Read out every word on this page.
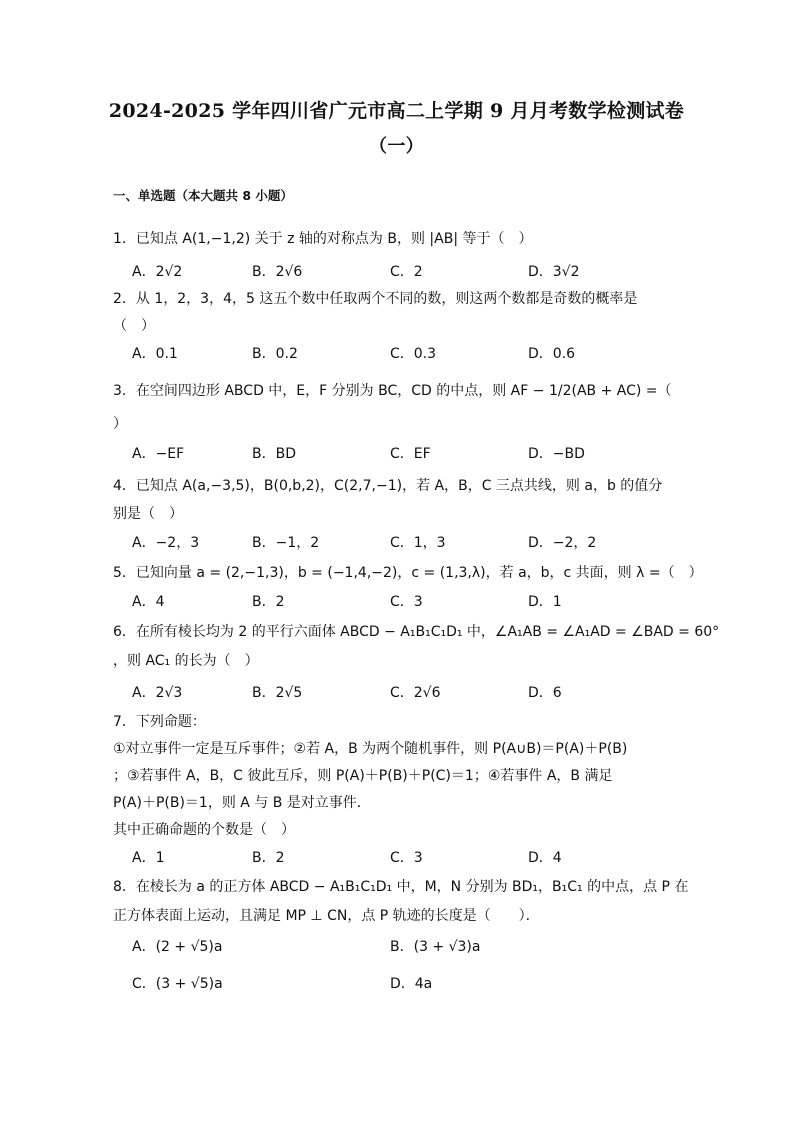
2024-2025 学年四川省广元市高二上学期 9 月月考数学检测试卷
（一）
一、单选题（本大题共 8 小题）
1．已知点 A(1,−1,2) 关于 z 轴的对称点为 B，则 |AB| 等于（　）
A．2√2	B．2√6	C．2	D．3√2
2．从 1，2，3，4，5 这五个数中任取两个不同的数，则这两个数都是奇数的概率是
（　）
A．0.1	B．0.2	C．0.3	D．0.6
3．在空间四边形 ABCD 中，E，F 分别为 BC，CD 的中点，则 AF − 1/2(AB + AC) =（
）
A．−EF	B．BD	C．EF	D．−BD
4．已知点 A(a,−3,5)，B(0,b,2)，C(2,7,−1)，若 A，B，C 三点共线，则 a，b 的值分
别是（　）
A．−2，3	B．−1，2	C．1，3	D．−2，2
5．已知向量 a = (2,−1,3)，b = (−1,4,−2)，c = (1,3,λ)，若 a，b，c 共面，则 λ =（　）
A．4	B．2	C．3	D．1
6．在所有棱长均为 2 的平行六面体 ABCD − A₁B₁C₁D₁ 中，∠A₁AB = ∠A₁AD = ∠BAD = 60°
，则 AC₁ 的长为（　）
A．2√3	B．2√5	C．2√6	D．6
7．下列命题：
①对立事件一定是互斥事件；②若 A，B 为两个随机事件，则 P(A∪B)＝P(A)＋P(B)
；③若事件 A，B，C 彼此互斥，则 P(A)＋P(B)＋P(C)＝1；④若事件 A，B 满足
P(A)＋P(B)＝1，则 A 与 B 是对立事件．
其中正确命题的个数是（　）
A．1	B．2	C．3	D．4
8．在棱长为 a 的正方体 ABCD − A₁B₁C₁D₁ 中，M，N 分别为 BD₁，B₁C₁ 的中点，点 P 在
正方体表面上运动，且满足 MP ⊥ CN，点 P 轨迹的长度是（　　）．
A．(2 + √5)a	B．(3 + √3)a
C．(3 + √5)a	D．4a
